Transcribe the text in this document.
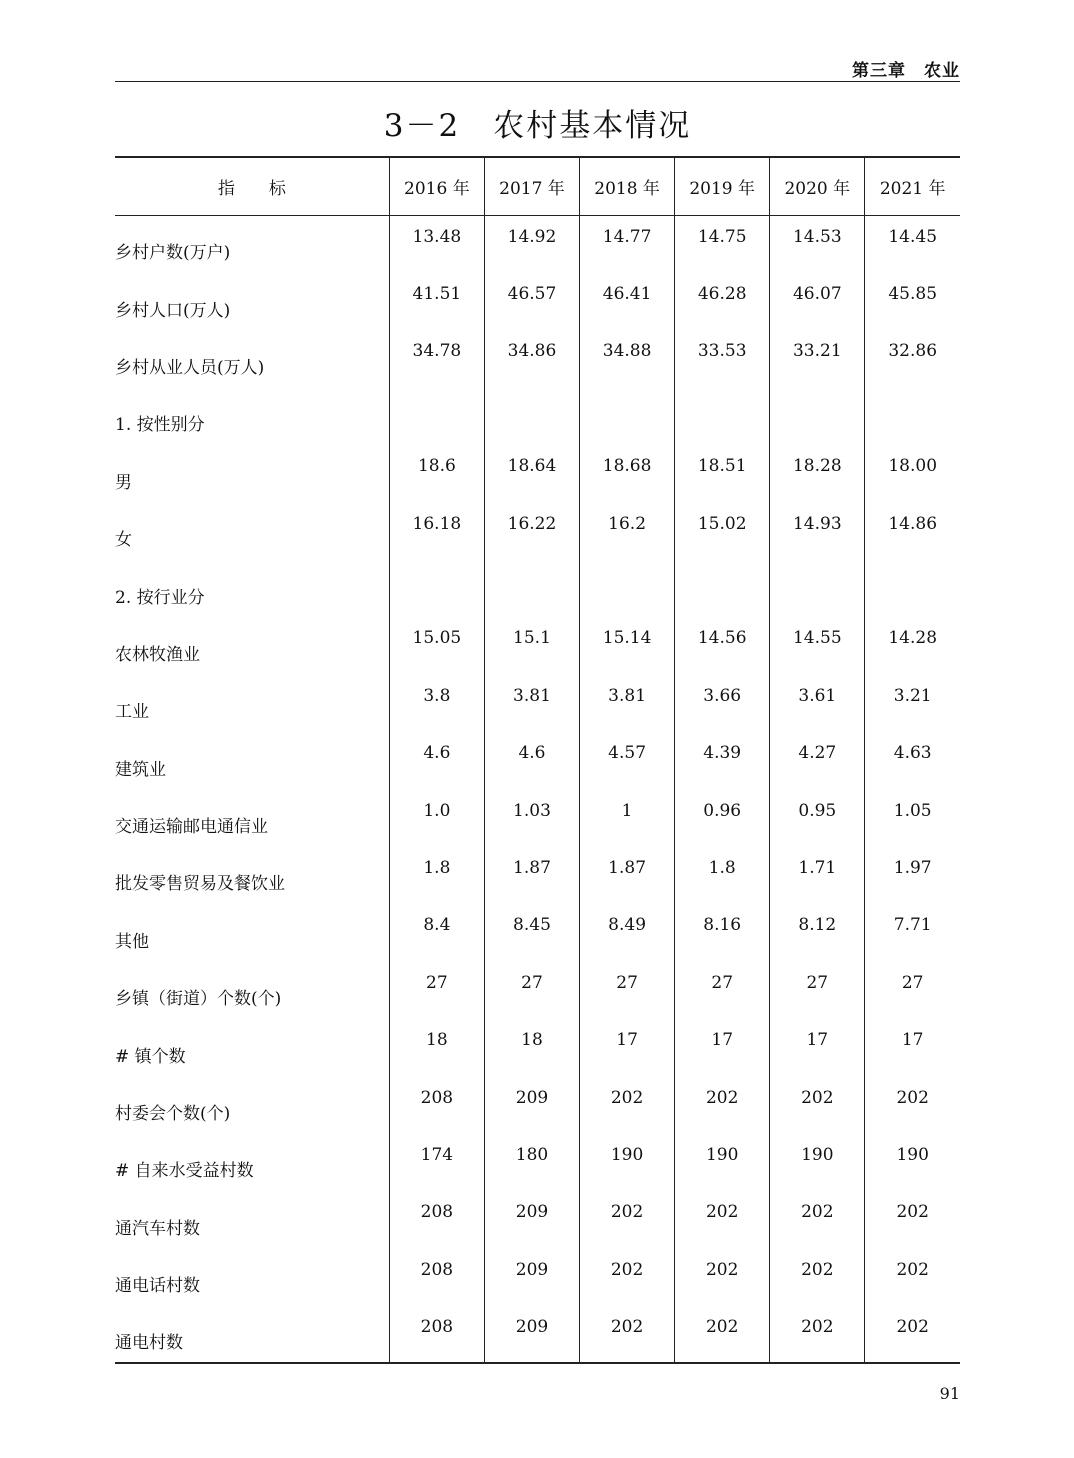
第三章　农业
3－2　农村基本情况
指　　标	2016 年	2017 年	2018 年	2019 年	2020 年	2021 年
乡村户数(万户)	13.48	14.92	14.77	14.75	14.53	14.45
乡村人口(万人)	41.51	46.57	46.41	46.28	46.07	45.85
乡村从业人员(万人)	34.78	34.86	34.88	33.53	33.21	32.86
1. 按性别分						
男	18.6	18.64	18.68	18.51	18.28	18.00
女	16.18	16.22	16.2	15.02	14.93	14.86
2. 按行业分						
农林牧渔业	15.05	15.1	15.14	14.56	14.55	14.28
工业	3.8	3.81	3.81	3.66	3.61	3.21
建筑业	4.6	4.6	4.57	4.39	4.27	4.63
交通运输邮电通信业	1.0	1.03	1	0.96	0.95	1.05
批发零售贸易及餐饮业	1.8	1.87	1.87	1.8	1.71	1.97
其他	8.4	8.45	8.49	8.16	8.12	7.71
乡镇（街道）个数(个)	27	27	27	27	27	27
# 镇个数	18	18	17	17	17	17
村委会个数(个)	208	209	202	202	202	202
# 自来水受益村数	174	180	190	190	190	190
通汽车村数	208	209	202	202	202	202
通电话村数	208	209	202	202	202	202
通电村数	208	209	202	202	202	202
91
